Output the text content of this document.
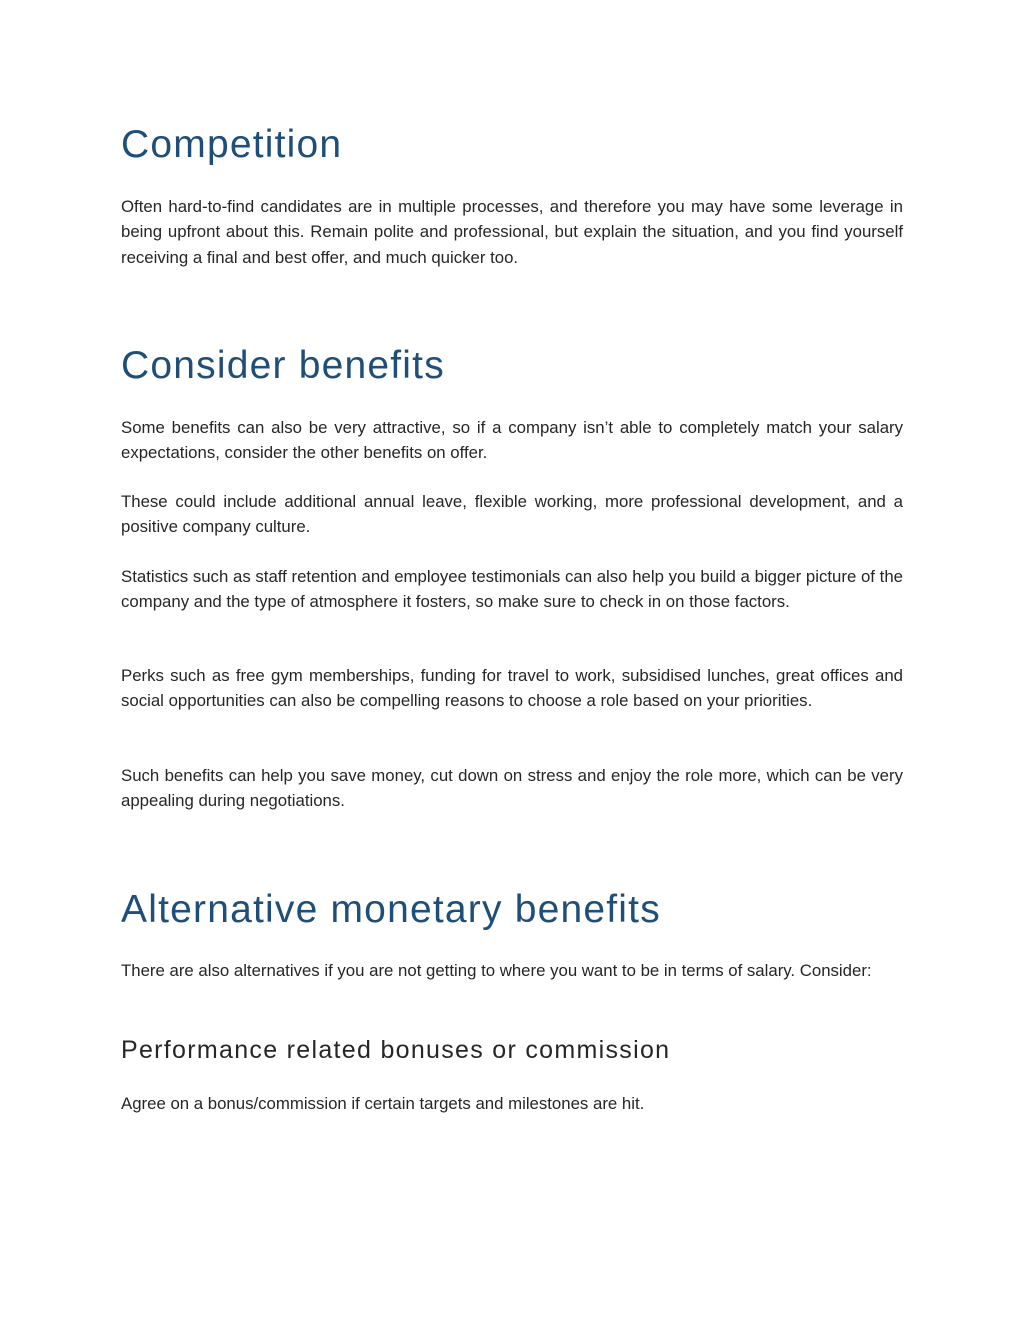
Competition

Often hard-to-find candidates are in multiple processes, and therefore you may have some leverage in being upfront about this. Remain polite and professional, but explain the situation, and you find yourself receiving a final and best offer, and much quicker too.

Consider benefits

Some benefits can also be very attractive, so if a company isn’t able to completely match your salary expectations, consider the other benefits on offer.

These could include additional annual leave, flexible working, more professional development, and a positive company culture.

Statistics such as staff retention and employee testimonials can also help you build a bigger picture of the company and the type of atmosphere it fosters, so make sure to check in on those factors.

Perks such as free gym memberships, funding for travel to work, subsidised lunches, great offices and social opportunities can also be compelling reasons to choose a role based on your priorities.

Such benefits can help you save money, cut down on stress and enjoy the role more, which can be very appealing during negotiations.

Alternative monetary benefits

There are also alternatives if you are not getting to where you want to be in terms of salary. Consider:

Performance related bonuses or commission

Agree on a bonus/commission if certain targets and milestones are hit.
